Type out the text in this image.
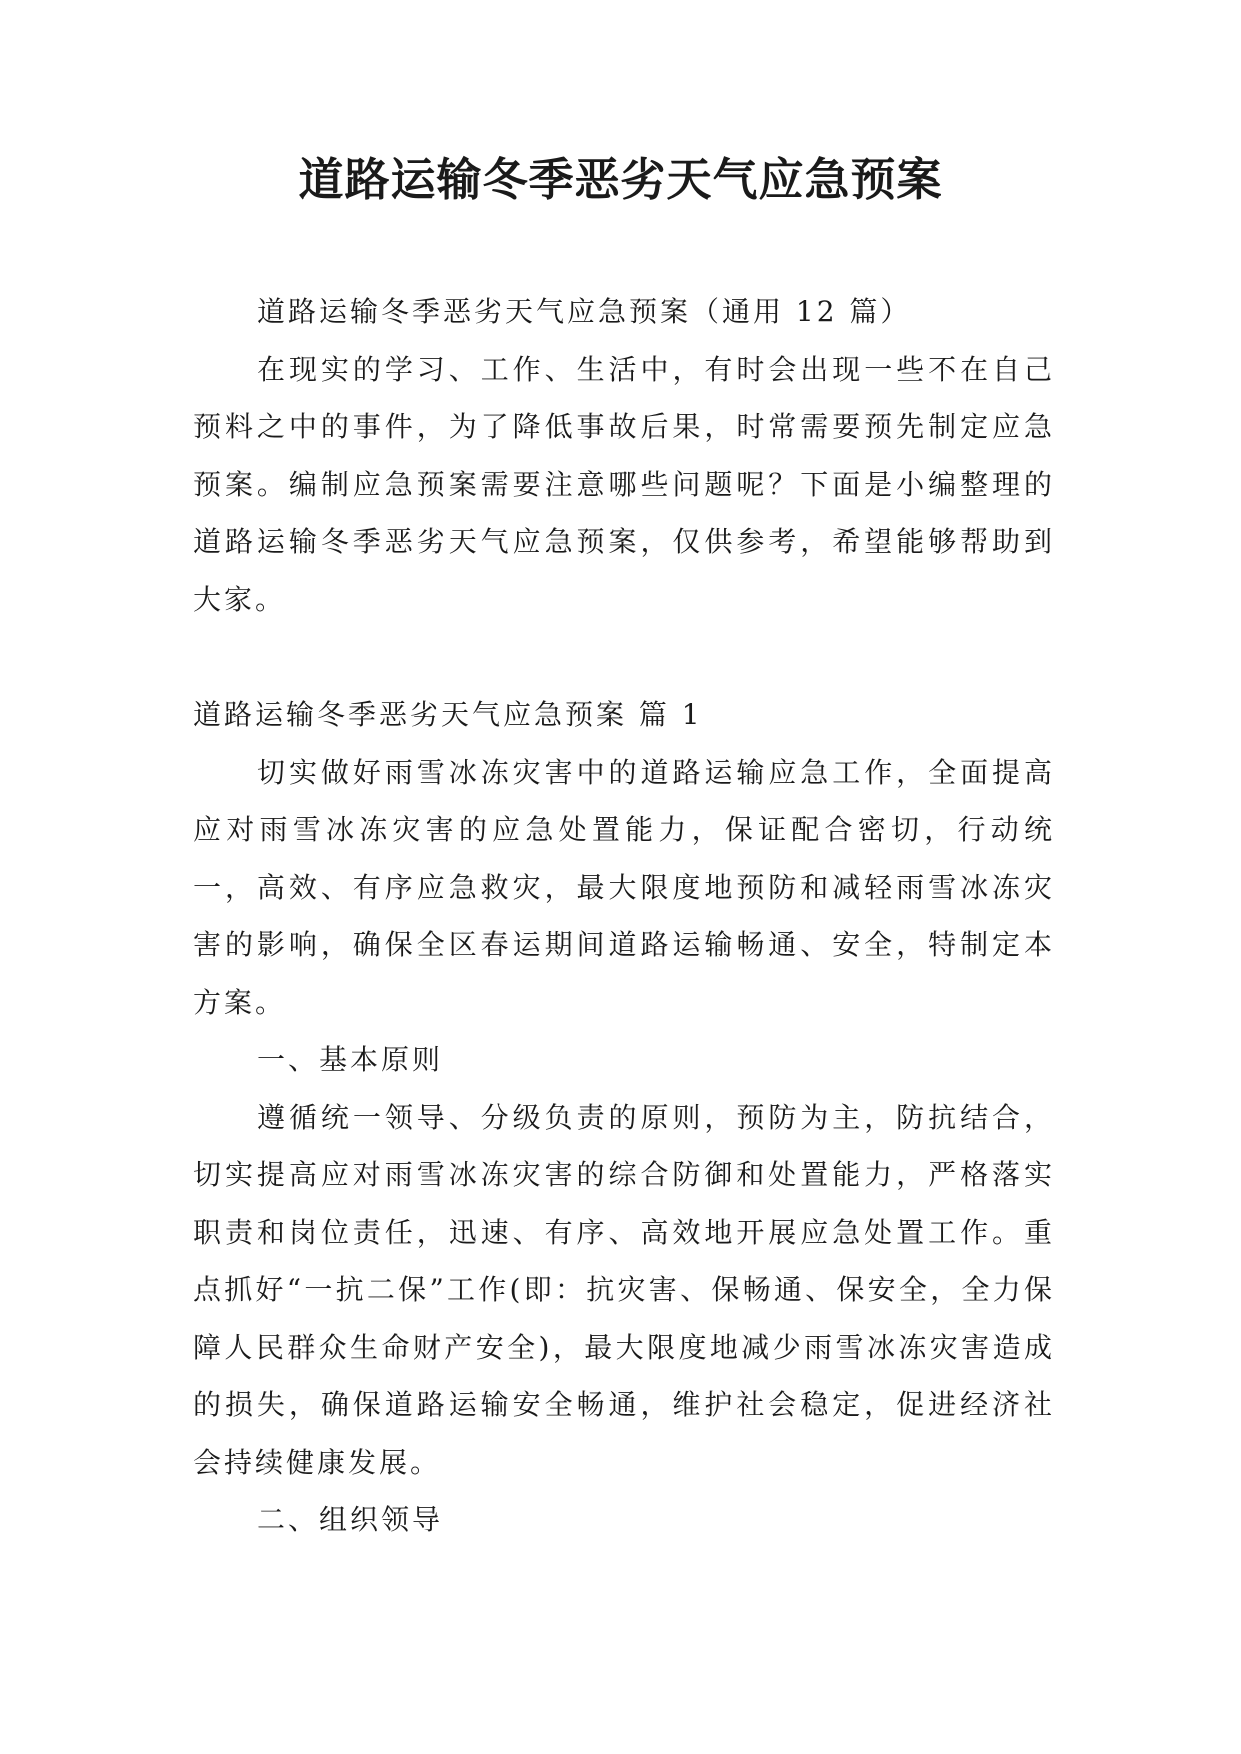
道路运输冬季恶劣天气应急预案

道路运输冬季恶劣天气应急预案（通用 12 篇）

在现实的学习、工作、生活中，有时会出现一些不在自己预料之中的事件，为了降低事故后果，时常需要预先制定应急预案。编制应急预案需要注意哪些问题呢？下面是小编整理的道路运输冬季恶劣天气应急预案，仅供参考，希望能够帮助到大家。

道路运输冬季恶劣天气应急预案 篇 1

切实做好雨雪冰冻灾害中的道路运输应急工作，全面提高应对雨雪冰冻灾害的应急处置能力，保证配合密切，行动统一，高效、有序应急救灾，最大限度地预防和减轻雨雪冰冻灾害的影响，确保全区春运期间道路运输畅通、安全，特制定本方案。

一、基本原则

遵循统一领导、分级负责的原则，预防为主，防抗结合，切实提高应对雨雪冰冻灾害的综合防御和处置能力，严格落实职责和岗位责任，迅速、有序、高效地开展应急处置工作。重点抓好“一抗二保”工作(即：抗灾害、保畅通、保安全，全力保障人民群众生命财产安全)，最大限度地减少雨雪冰冻灾害造成的损失，确保道路运输安全畅通，维护社会稳定，促进经济社会持续健康发展。

二、组织领导
